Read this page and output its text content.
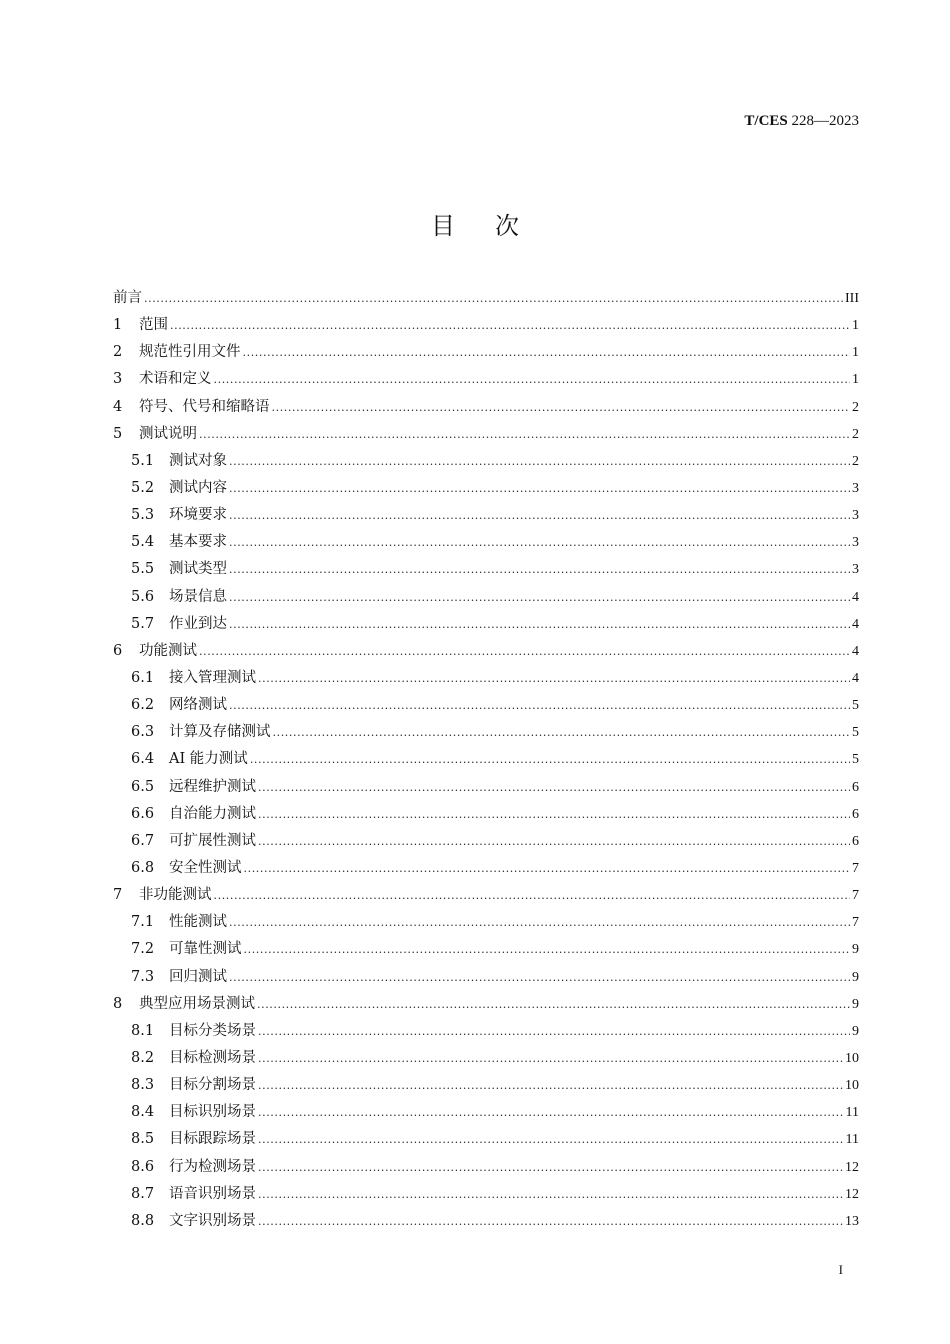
T/CES 228—2023
目次
前言 .....	III
1	范围 .....	1
2	规范性引用文件 .....	1
3	术语和定义 .....	1
4	符号、代号和缩略语 .....	2
5	测试说明 .....	2
5.1	测试对象 .....	2
5.2	测试内容 .....	3
5.3	环境要求 .....	3
5.4	基本要求 .....	3
5.5	测试类型 .....	3
5.6	场景信息 .....	4
5.7	作业到达 .....	4
6	功能测试 .....	4
6.1	接入管理测试 .....	4
6.2	网络测试 .....	5
6.3	计算及存储测试 .....	5
6.4	AI 能力测试 .....	5
6.5	远程维护测试 .....	6
6.6	自治能力测试 .....	6
6.7	可扩展性测试 .....	6
6.8	安全性测试 .....	7
7	非功能测试 .....	7
7.1	性能测试 .....	7
7.2	可靠性测试 .....	9
7.3	回归测试 .....	9
8	典型应用场景测试 .....	9
8.1	目标分类场景 .....	9
8.2	目标检测场景 .....	10
8.3	目标分割场景 .....	10
8.4	目标识别场景 .....	11
8.5	目标跟踪场景 .....	11
8.6	行为检测场景 .....	12
8.7	语音识别场景 .....	12
8.8	文字识别场景 .....	13
I
